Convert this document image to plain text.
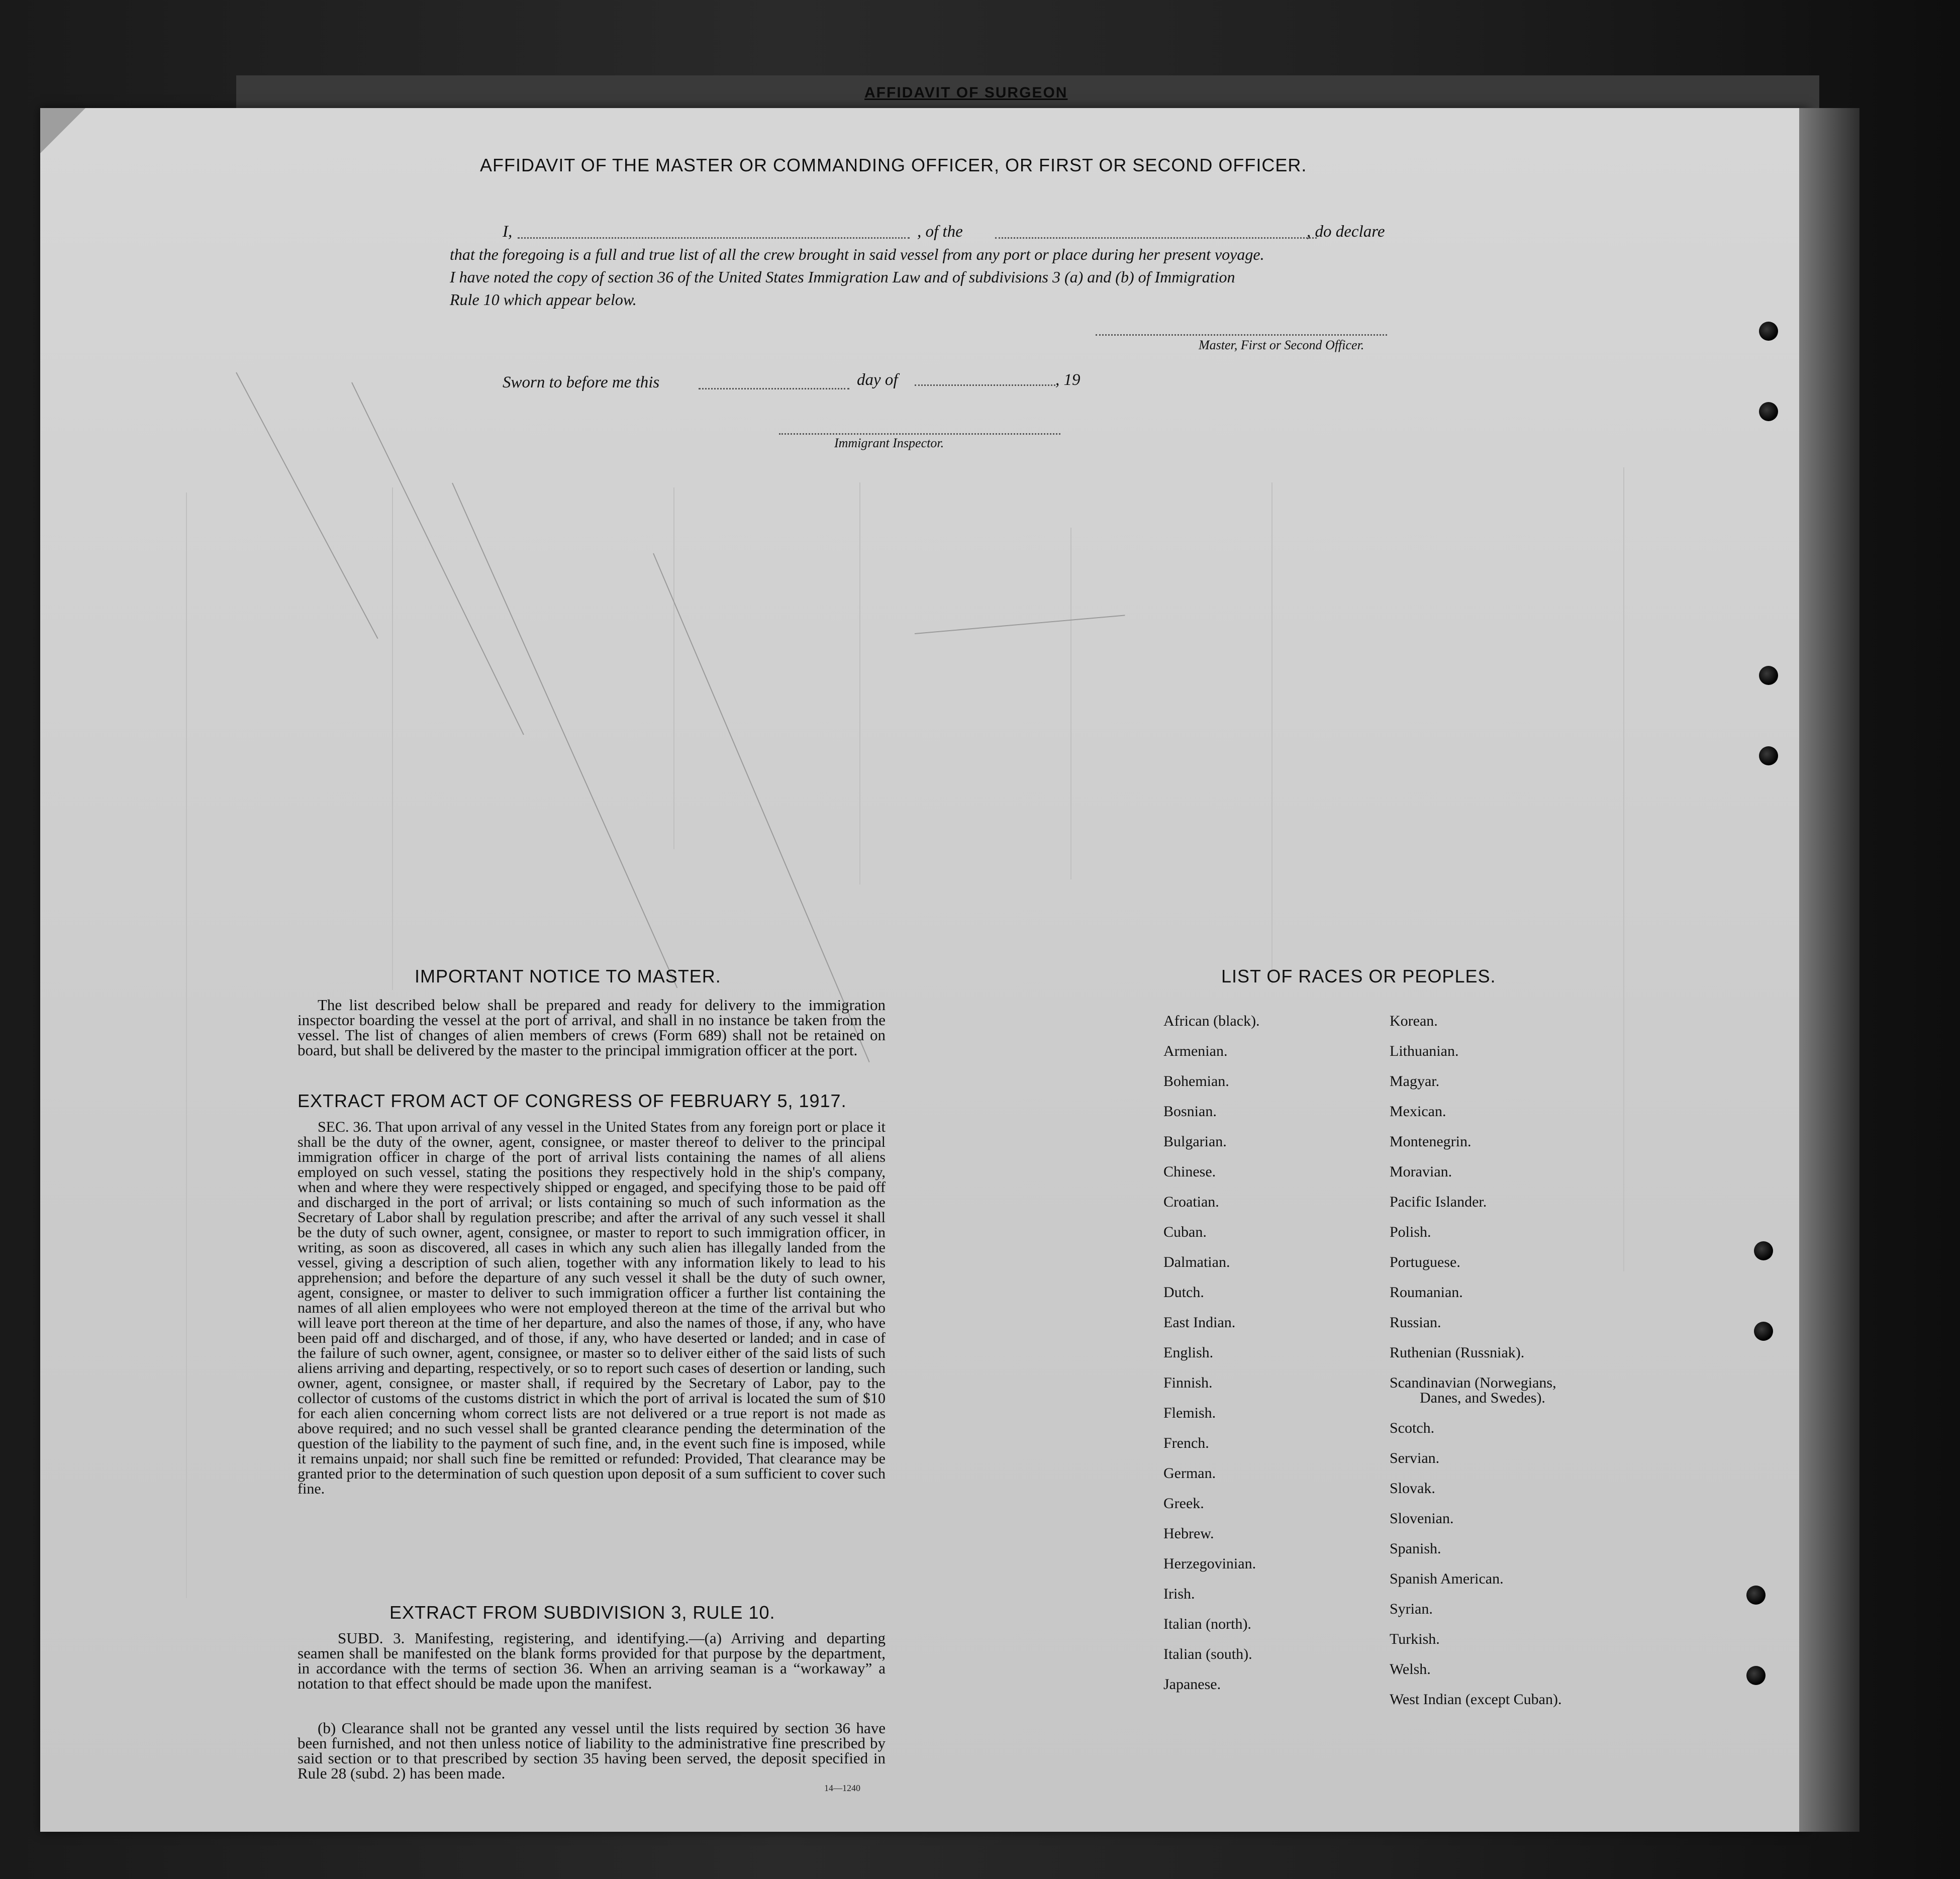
AFFIDAVIT OF SURGEON
AFFIDAVIT OF THE MASTER OR COMMANDING OFFICER, OR FIRST OR SECOND OFFICER.
I,	, of the	, do declare
that the foregoing is a full and true list of all the crew brought in said vessel from any port or place during her present voyage.
I have noted the copy of section 36 of the United States Immigration Law and of subdivisions 3 (a) and (b) of Immigration
Rule 10 which appear below.
Master, First or Second Officer.
Sworn to before me this	day of	, 19
Immigrant Inspector.
IMPORTANT NOTICE TO MASTER.
The list described below shall be prepared and ready for delivery to the immigration inspector boarding the vessel at the port of arrival, and shall in no instance be taken from the vessel. The list of changes of alien members of crews (Form 689) shall not be retained on board, but shall be delivered by the master to the principal immigration officer at the port.
EXTRACT FROM ACT OF CONGRESS OF FEBRUARY 5, 1917.
SEC. 36. That upon arrival of any vessel in the United States from any foreign port or place it shall be the duty of the owner, agent, consignee, or master thereof to deliver to the principal immigration officer in charge of the port of arrival lists containing the names of all aliens employed on such vessel, stating the positions they respectively hold in the ship's company, when and where they were respectively shipped or engaged, and specifying those to be paid off and discharged in the port of arrival; or lists containing so much of such information as the Secretary of Labor shall by regulation prescribe; and after the arrival of any such vessel it shall be the duty of such owner, agent, consignee, or master to report to such immigration officer, in writing, as soon as discovered, all cases in which any such alien has illegally landed from the vessel, giving a description of such alien, together with any information likely to lead to his apprehension; and before the departure of any such vessel it shall be the duty of such owner, agent, consignee, or master to deliver to such immigration officer a further list containing the names of all alien employees who were not employed thereon at the time of the arrival but who will leave port thereon at the time of her departure, and also the names of those, if any, who have been paid off and discharged, and of those, if any, who have deserted or landed; and in case of the failure of such owner, agent, consignee, or master so to deliver either of the said lists of such aliens arriving and departing, respectively, or so to report such cases of desertion or landing, such owner, agent, consignee, or master shall, if required by the Secretary of Labor, pay to the collector of customs of the customs district in which the port of arrival is located the sum of $10 for each alien concerning whom correct lists are not delivered or a true report is not made as above required; and no such vessel shall be granted clearance pending the determination of the question of the liability to the payment of such fine, and, in the event such fine is imposed, while it remains unpaid; nor shall such fine be remitted or refunded: Provided, That clearance may be granted prior to the determination of such question upon deposit of a sum sufficient to cover such fine.
EXTRACT FROM SUBDIVISION 3, RULE 10.
SUBD. 3. Manifesting, registering, and identifying.—(a) Arriving and departing seamen shall be manifested on the blank forms provided for that purpose by the department, in accordance with the terms of section 36. When an arriving seaman is a “workaway” a notation to that effect should be made upon the manifest.
(b) Clearance shall not be granted any vessel until the lists required by section 36 have been furnished, and not then unless notice of liability to the administrative fine prescribed by said section or to that prescribed by section 35 having been served, the deposit specified in Rule 28 (subd. 2) has been made.
14—1240
LIST OF RACES OR PEOPLES.
African (black).
Armenian.
Bohemian.
Bosnian.
Bulgarian.
Chinese.
Croatian.
Cuban.
Dalmatian.
Dutch.
East Indian.
English.
Finnish.
Flemish.
French.
German.
Greek.
Hebrew.
Herzegovinian.
Irish.
Italian (north).
Italian (south).
Japanese.
Korean.
Lithuanian.
Magyar.
Mexican.
Montenegrin.
Moravian.
Pacific Islander.
Polish.
Portuguese.
Roumanian.
Russian.
Ruthenian (Russniak).
Scandinavian (Norwegians,
Danes, and Swedes).
Scotch.
Servian.
Slovak.
Slovenian.
Spanish.
Spanish American.
Syrian.
Turkish.
Welsh.
West Indian (except Cuban).
